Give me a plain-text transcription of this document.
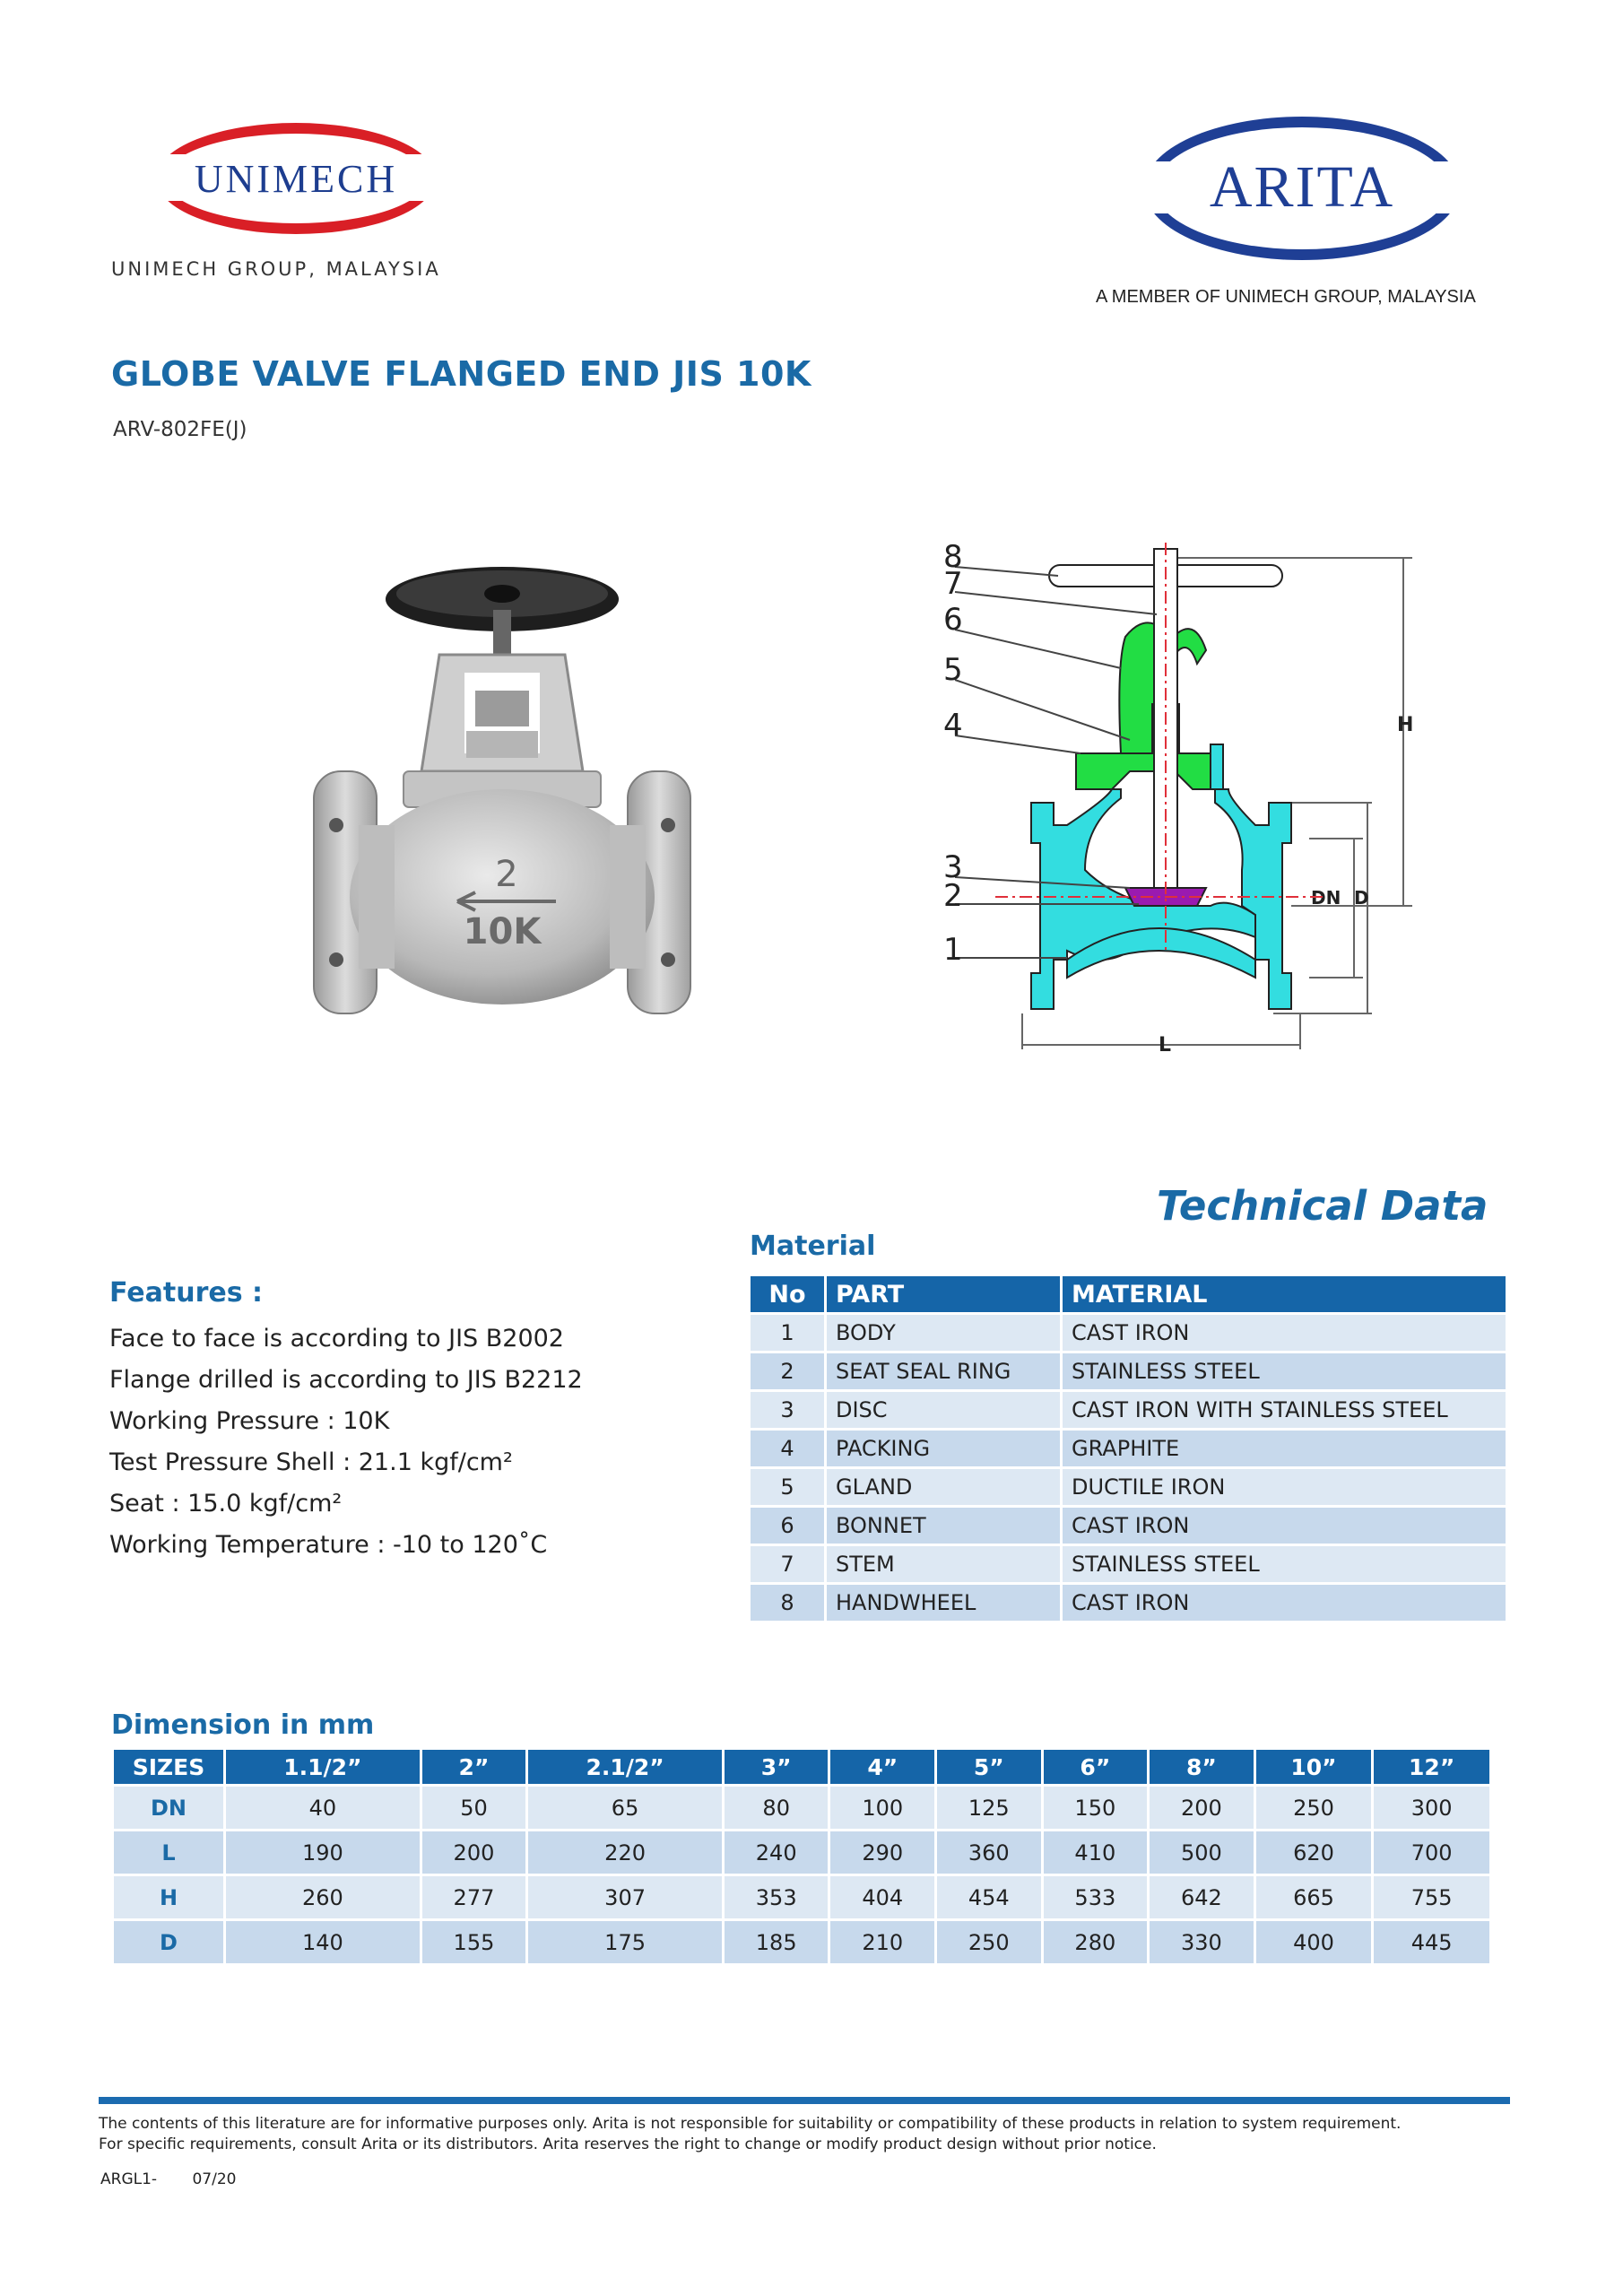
UNIMECH
UNIMECH GROUP, MALAYSIA
ARITA
A MEMBER OF UNIMECH GROUP, MALAYSIA
GLOBE VALVE FLANGED END JIS 10K
ARV-802FE(J)
2
10K
H
DN D
L
8
7
6
5
4
3
2
1
Technical Data
Material
Features :
Face to face is according to JIS B2002
Flange drilled is according to JIS B2212
Working Pressure : 10K
Test Pressure Shell : 21.1 kgf/cm²
Seat : 15.0 kgf/cm²
Working Temperature : -10 to 120˚C
No	PART	MATERIAL
1	BODY	CAST IRON
2	SEAT SEAL RING	STAINLESS STEEL
3	DISC	CAST IRON WITH STAINLESS STEEL
4	PACKING	GRAPHITE
5	GLAND	DUCTILE IRON
6	BONNET	CAST IRON
7	STEM	STAINLESS STEEL
8	HANDWHEEL	CAST IRON
Dimension in mm
SIZES	1.1/2”	2”	2.1/2”	3”	4”	5”	6”	8”	10”	12”
DN	40	50	65	80	100	125	150	200	250	300
L	190	200	220	240	290	360	410	500	620	700
H	260	277	307	353	404	454	533	642	665	755
D	140	155	175	185	210	250	280	330	400	445
The contents of this literature are for informative purposes only. Arita is not responsible for suitability or compatibility of these products in relation to system requirement.
For specific requirements, consult Arita or its distributors. Arita reserves the right to change or modify product design without prior notice.
ARGL1- 07/20
